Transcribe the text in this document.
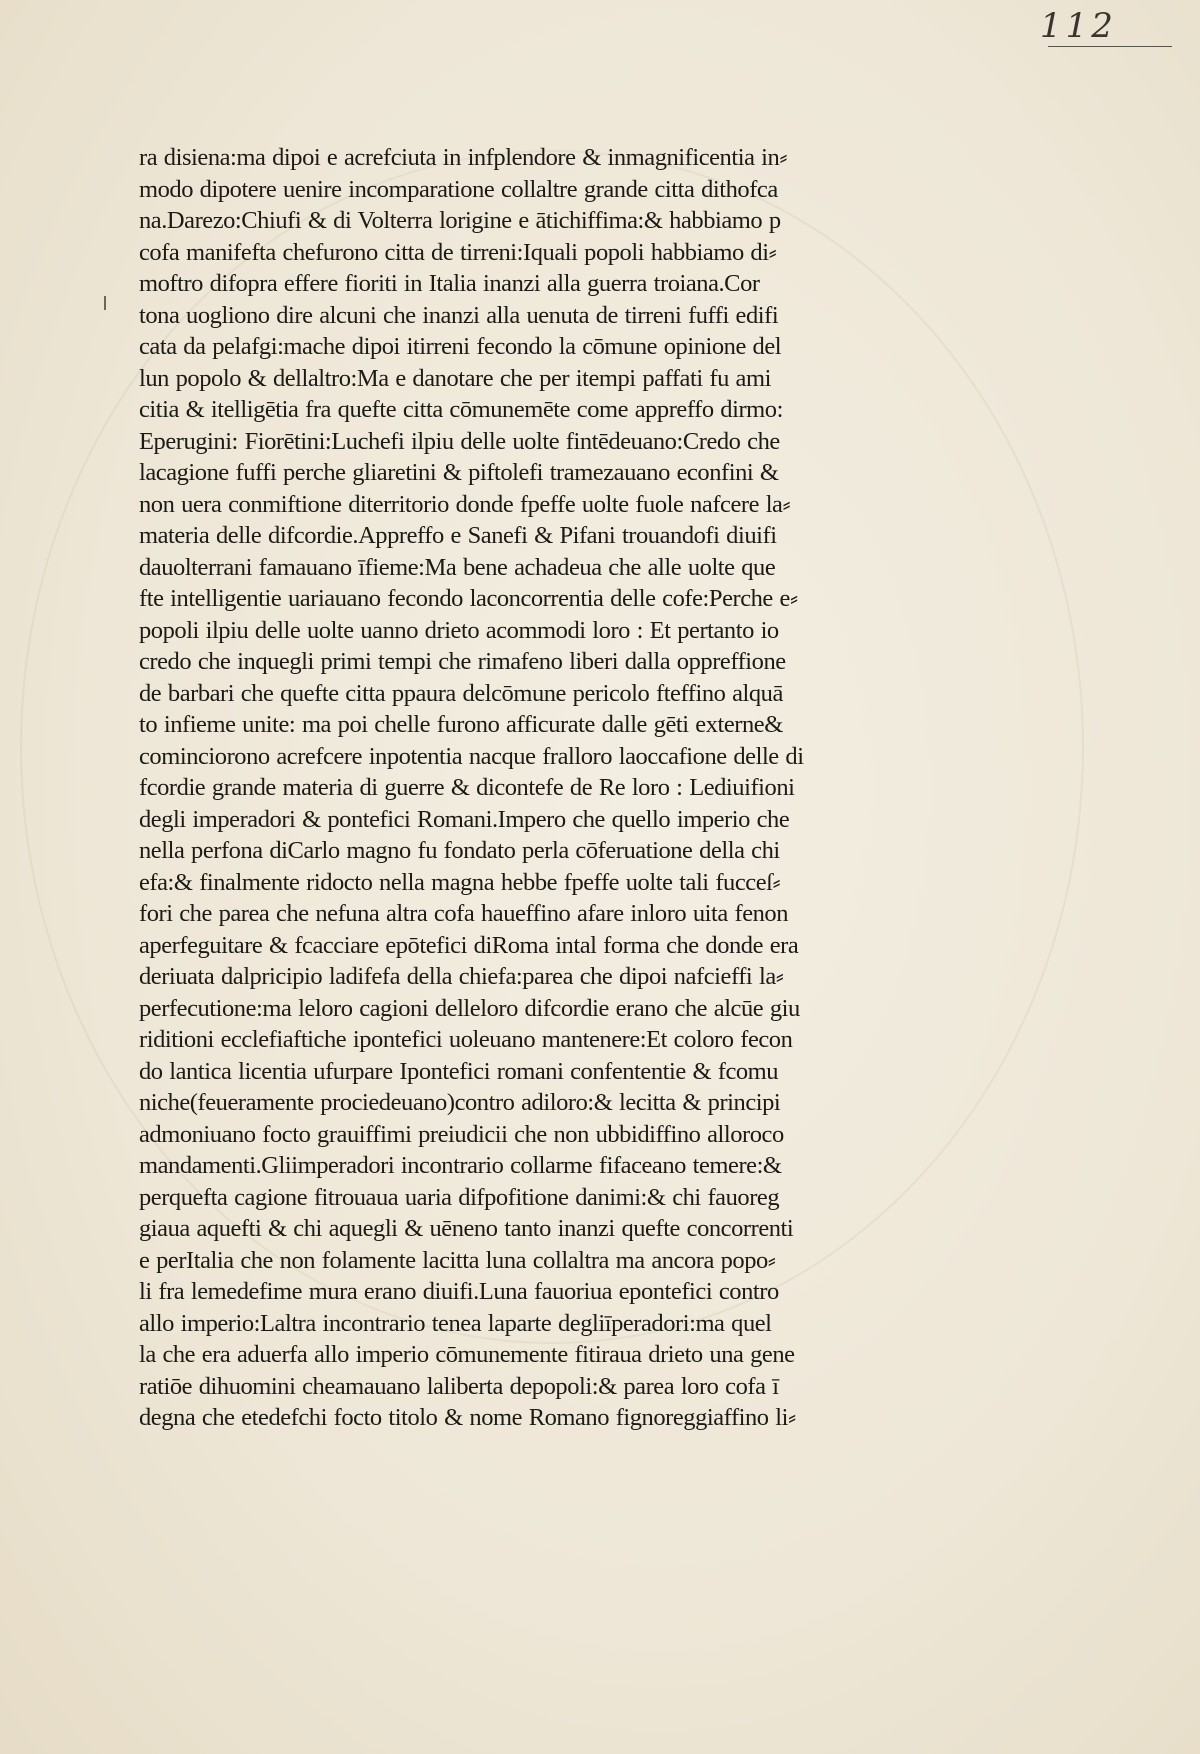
112
ra disiena:ma dipoi e acrefciuta in infplendore & inmagnificentia in⸗
modo dipotere uenire incomparatione collaltre grande citta dithofca
na.Darezo:Chiufi & di Volterra lorigine e ātichiffima:& habbiamo p
cofa manifefta chefurono citta de tirreni:Iquali popoli habbiamo di⸗
moftro difopra effere fioriti in Italia inanzi alla guerra troiana.Cor
tona uogliono dire alcuni che inanzi alla uenuta de tirreni fuffi edifi
cata da pelafgi:mache dipoi itirreni fecondo la cōmune opinione del
lun popolo & dellaltro:Ma e danotare che per itempi paffati fu ami
citia & itelligētia fra quefte citta cōmunemēte come appreffo dirmo:
Eperugini: Fiorētini:Luchefi ilpiu delle uolte fintēdeuano:Credo che
lacagione fuffi perche gliaretini & piftolefi tramezauano econfini &
non uera conmiftione diterritorio donde fpeffe uolte fuole nafcere la⸗
materia delle difcordie.Appreffo e Sanefi & Pifani trouandofi diuifi
dauolterrani famauano īfieme:Ma bene achadeua che alle uolte que
fte intelligentie uariauano fecondo laconcorrentia delle cofe:Perche e⸗
popoli ilpiu delle uolte uanno drieto acommodi loro : Et pertanto io
credo che inquegli primi tempi che rimafeno liberi dalla oppreffione
de barbari che quefte citta ppaura delcōmune pericolo fteffino alquā
to infieme unite: ma poi chelle furono afficurate dalle gēti externe&
cominciorono acrefcere inpotentia nacque fralloro laoccafione delle di
fcordie grande materia di guerre & dicontefe de Re loro : Lediuifioni
degli imperadori & pontefici Romani.Impero che quello imperio che
nella perfona diCarlo magno fu fondato perla cōferuatione della chi
efa:& finalmente ridocto nella magna hebbe fpeffe uolte tali fucceſ⸗
fori che parea che nefuna altra cofa haueffino afare inloro uita fenon
aperfeguitare & fcacciare epōtefici diRoma intal forma che donde era
deriuata dalpricipio ladifefa della chiefa:parea che dipoi nafcieffi la⸗
perfecutione:ma leloro cagioni delleloro difcordie erano che alcūe giu
riditioni ecclefiaftiche ipontefici uoleuano mantenere:Et coloro fecon
do lantica licentia ufurpare Ipontefici romani confententie & fcomu
niche(feueramente prociedeuano)contro adiloro:& lecitta & principi
admoniuano focto grauiffimi preiudicii che non ubbidiffino alloroco
mandamenti.Gliimperadori incontrario collarme fifaceano temere:&
perquefta cagione fitrouaua uaria difpofitione danimi:& chi fauoreg
giaua aquefti & chi aquegli & uēneno tanto inanzi quefte concorrenti
e perItalia che non folamente lacitta luna collaltra ma ancora popo⸗
li fra lemedefime mura erano diuifi.Luna fauoriua epontefici contro
allo imperio:Laltra incontrario tenea laparte degliīperadori:ma quel
la che era aduerfa allo imperio cōmunemente fitiraua drieto una gene
ratiōe dihuomini cheamauano laliberta depopoli:& parea loro cofa ī
degna che etedefchi focto titolo & nome Romano fignoreggiaffino li⸗
